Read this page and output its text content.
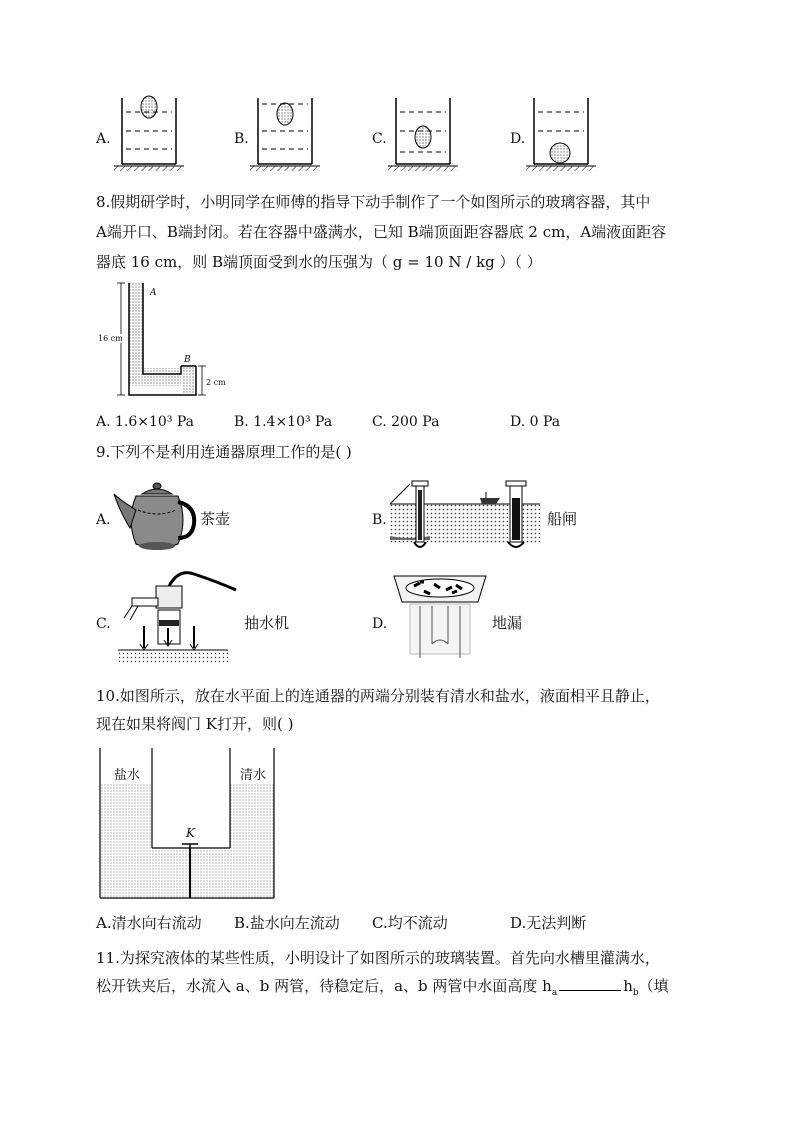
A.	B.	C.	D.
8.假期研学时，小明同学在师傅的指导下动手制作了一个如图所示的玻璃容器，其中
A端开口、B端封闭。若在容器中盛满水，已知 B端顶面距容器底 2 cm，A端液面距容
器底 16 cm，则 B端顶面受到水的压强为（ g = 10 N / kg ）（ ）
A
B
16 cm
2 cm
A. 1.6×10³ Pa	B. 1.4×10³ Pa	C. 200 Pa	D. 0 Pa
9.下列不是利用连通器原理工作的是( )
A.	茶壶	B.	船闸
C.	抽水机	D.	地漏
10.如图所示，放在水平面上的连通器的两端分别装有清水和盐水，液面相平且静止，
现在如果将阀门 K打开，则( )
盐水	清水
K
A.清水向右流动 B.盐水向左流动 C.均不流动	D.无法判断
11.为探究液体的某些性质，小明设计了如图所示的玻璃装置。首先向水槽里灌满水，
松开铁夹后，水流入 a、b 两管，待稳定后，a、b 两管中水面高度 $h_a$	$h_b$（填
